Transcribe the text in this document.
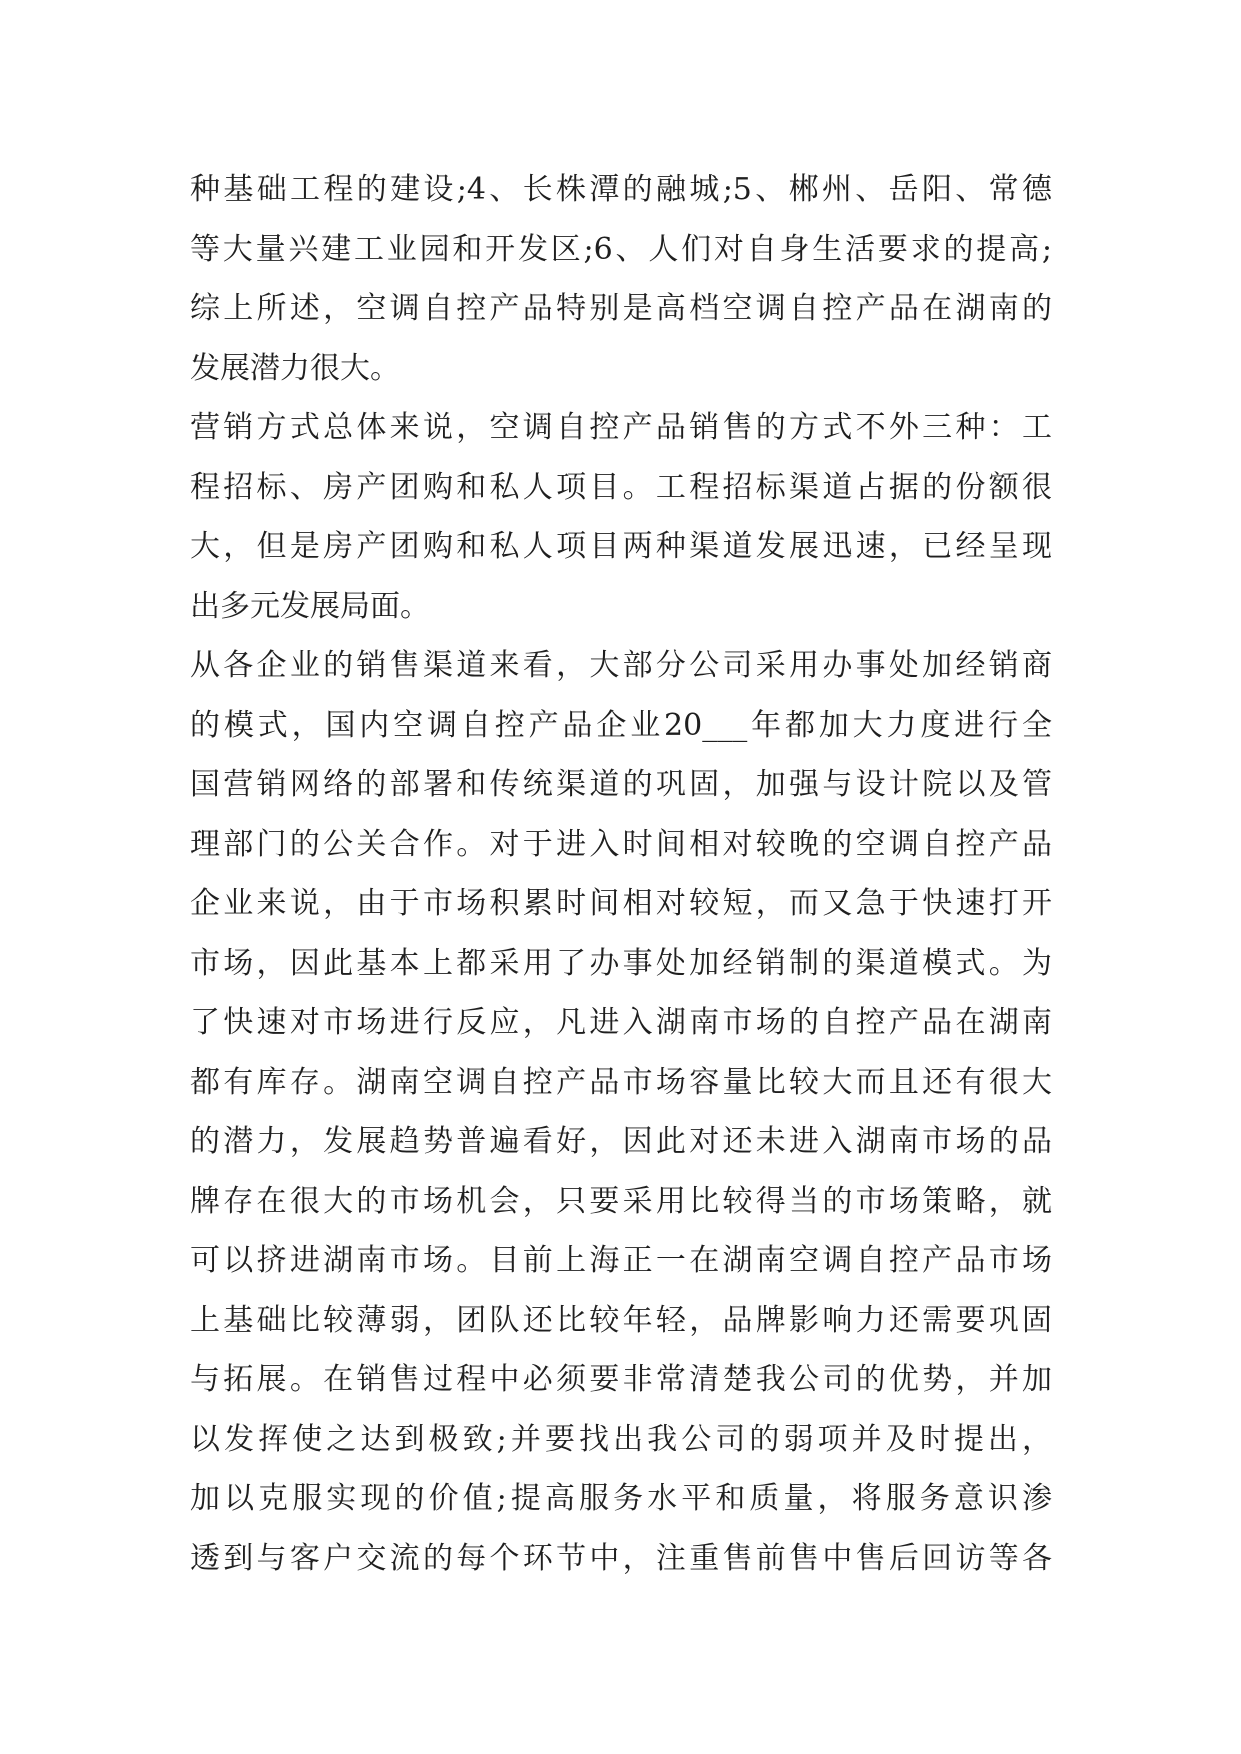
种基础工程的建设;4、长株潭的融城;5、郴州、岳阳、常德
等大量兴建工业园和开发区;6、人们对自身生活要求的提高;
综上所述，空调自控产品特别是高档空调自控产品在湖南的
发展潜力很大。
营销方式总体来说，空调自控产品销售的方式不外三种：工
程招标、房产团购和私人项目。工程招标渠道占据的份额很
大，但是房产团购和私人项目两种渠道发展迅速，已经呈现
出多元发展局面。
从各企业的销售渠道来看，大部分公司采用办事处加经销商
的模式，国内空调自控产品企业20___年都加大力度进行全
国营销网络的部署和传统渠道的巩固，加强与设计院以及管
理部门的公关合作。对于进入时间相对较晚的空调自控产品
企业来说，由于市场积累时间相对较短，而又急于快速打开
市场，因此基本上都采用了办事处加经销制的渠道模式。为
了快速对市场进行反应，凡进入湖南市场的自控产品在湖南
都有库存。湖南空调自控产品市场容量比较大而且还有很大
的潜力，发展趋势普遍看好，因此对还未进入湖南市场的品
牌存在很大的市场机会，只要采用比较得当的市场策略，就
可以挤进湖南市场。目前上海正一在湖南空调自控产品市场
上基础比较薄弱，团队还比较年轻，品牌影响力还需要巩固
与拓展。在销售过程中必须要非常清楚我公司的优势，并加
以发挥使之达到极致;并要找出我公司的弱项并及时提出，
加以克服实现的价值;提高服务水平和质量，将服务意识渗
透到与客户交流的每个环节中，注重售前售中售后回访等各
